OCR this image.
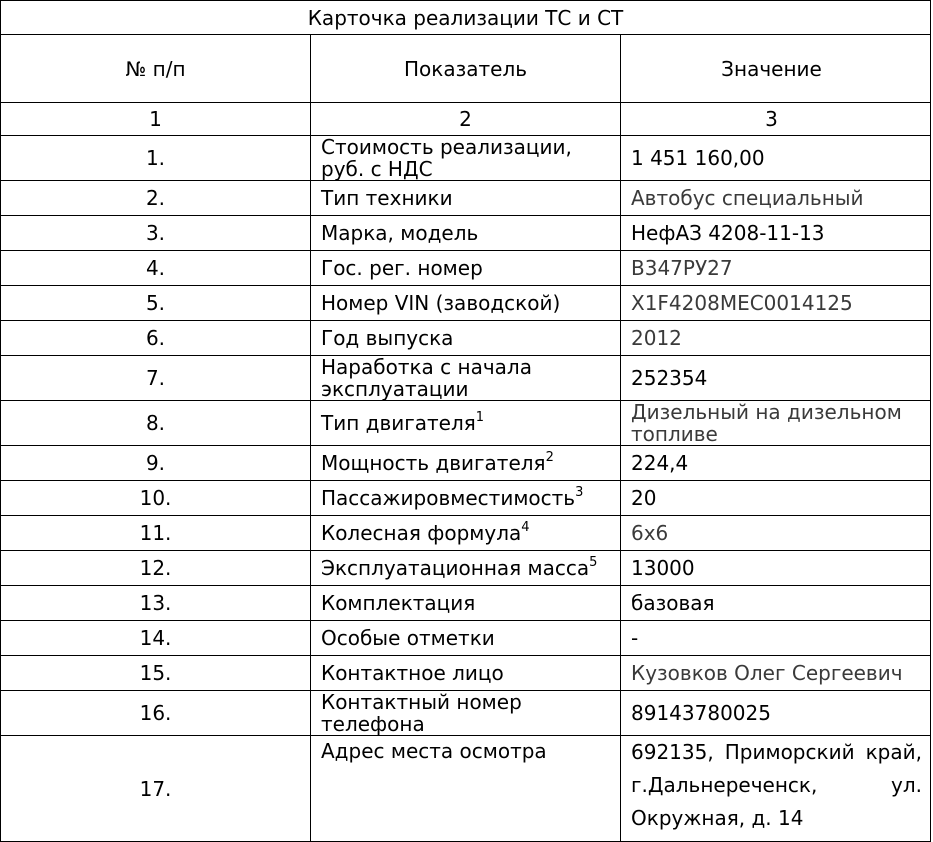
Карточка реализации ТС и СТ		
№ п/п	Показатель	Значение
1	2	3
1.	Стоимость реализации, руб. с НДС	1 451 160,00
2.	Тип техники	Автобус специальный
3.	Марка, модель	НефАЗ 4208-11-13
4.	Гос. рег. номер	В347РУ27
5.	Номер VIN (заводской)	X1F4208MEC0014125
6.	Год выпуска	2012
7.	Наработка с начала эксплуатации	252354
8.	Тип двигателя$^1$	Дизельный на дизельном топливе
9.	Мощность двигателя$^2$	224,4
10.	Пассажировместимость$^3$	20
11.	Колесная формула$^4$	6х6
12.	Эксплуатационная масса$^5$	13000
13.	Комплектация	базовая
14.	Особые отметки	-
15.	Контактное лицо	Кузовков Олег Сергеевич
16.	Контактный номер телефона	89143780025
17.	Адрес места осмотра	692135, Приморский край, г.Дальнереченск, ул. Окружная, д. 14
